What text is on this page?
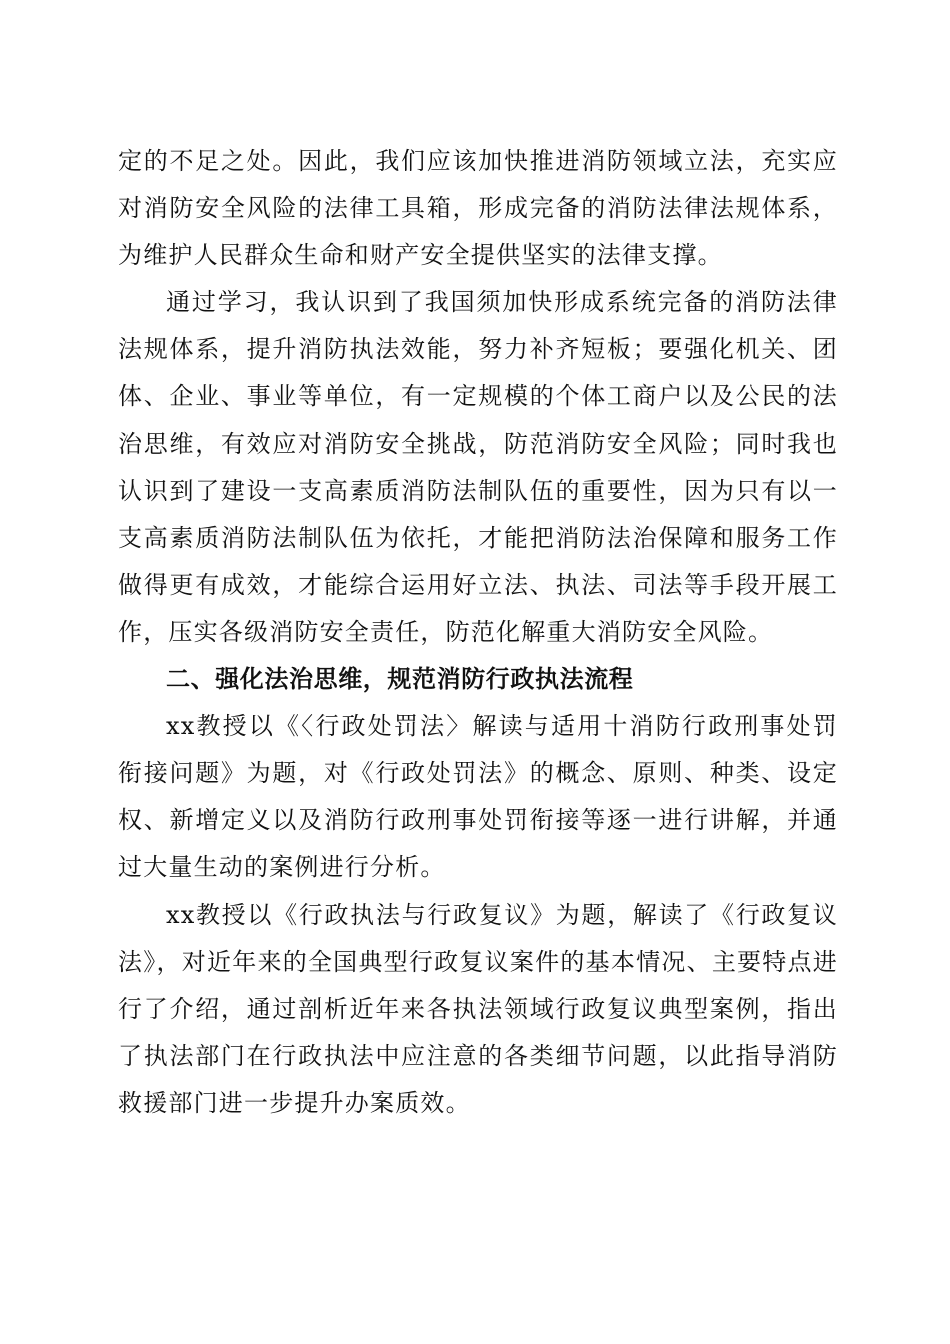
定的不足之处。因此，我们应该加快推进消防领域立法，充实应对消防安全风险的法律工具箱，形成完备的消防法律法规体系，为维护人民群众生命和财产安全提供坚实的法律支撑。

通过学习，我认识到了我国须加快形成系统完备的消防法律法规体系，提升消防执法效能，努力补齐短板；要强化机关、团体、企业、事业等单位，有一定规模的个体工商户以及公民的法治思维，有效应对消防安全挑战，防范消防安全风险；同时我也认识到了建设一支高素质消防法制队伍的重要性，因为只有以一支高素质消防法制队伍为依托，才能把消防法治保障和服务工作做得更有成效，才能综合运用好立法、执法、司法等手段开展工作，压实各级消防安全责任，防范化解重大消防安全风险。

二、强化法治思维，规范消防行政执法流程

xx教授以《〈行政处罚法〉解读与适用十消防行政刑事处罚衔接问题》为题，对《行政处罚法》的概念、原则、种类、设定权、新增定义以及消防行政刑事处罚衔接等逐一进行讲解，并通过大量生动的案例进行分析。

xx教授以《行政执法与行政复议》为题，解读了《行政复议法》，对近年来的全国典型行政复议案件的基本情况、主要特点进行了介绍，通过剖析近年来各执法领域行政复议典型案例，指出了执法部门在行政执法中应注意的各类细节问题，以此指导消防救援部门进一步提升办案质效。
